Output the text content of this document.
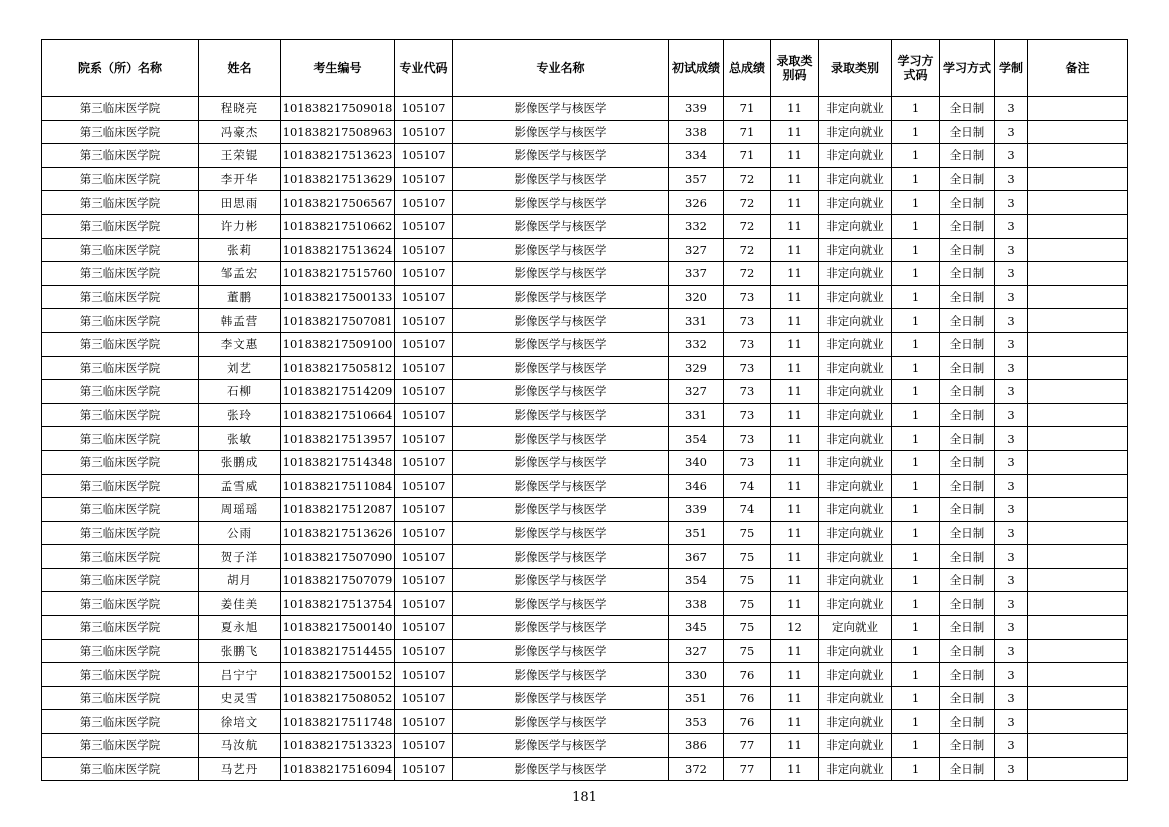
院系（所）名称	姓名	考生编号	专业代码	专业名称	初试成绩	总成绩	录取类别码	录取类别	学习方式码	学习方式	学制	备注
第三临床医学院	程晓亮	101838217509018	105107	影像医学与核医学	339	71	11	非定向就业	1	全日制	3	
第三临床医学院	冯豪杰	101838217508963	105107	影像医学与核医学	338	71	11	非定向就业	1	全日制	3	
第三临床医学院	王荣锟	101838217513623	105107	影像医学与核医学	334	71	11	非定向就业	1	全日制	3	
第三临床医学院	李开华	101838217513629	105107	影像医学与核医学	357	72	11	非定向就业	1	全日制	3	
第三临床医学院	田思雨	101838217506567	105107	影像医学与核医学	326	72	11	非定向就业	1	全日制	3	
第三临床医学院	许力彬	101838217510662	105107	影像医学与核医学	332	72	11	非定向就业	1	全日制	3	
第三临床医学院	张莉	101838217513624	105107	影像医学与核医学	327	72	11	非定向就业	1	全日制	3	
第三临床医学院	邹孟宏	101838217515760	105107	影像医学与核医学	337	72	11	非定向就业	1	全日制	3	
第三临床医学院	董鹏	101838217500133	105107	影像医学与核医学	320	73	11	非定向就业	1	全日制	3	
第三临床医学院	韩孟营	101838217507081	105107	影像医学与核医学	331	73	11	非定向就业	1	全日制	3	
第三临床医学院	李文惠	101838217509100	105107	影像医学与核医学	332	73	11	非定向就业	1	全日制	3	
第三临床医学院	刘艺	101838217505812	105107	影像医学与核医学	329	73	11	非定向就业	1	全日制	3	
第三临床医学院	石柳	101838217514209	105107	影像医学与核医学	327	73	11	非定向就业	1	全日制	3	
第三临床医学院	张玲	101838217510664	105107	影像医学与核医学	331	73	11	非定向就业	1	全日制	3	
第三临床医学院	张敏	101838217513957	105107	影像医学与核医学	354	73	11	非定向就业	1	全日制	3	
第三临床医学院	张鹏成	101838217514348	105107	影像医学与核医学	340	73	11	非定向就业	1	全日制	3	
第三临床医学院	孟雪威	101838217511084	105107	影像医学与核医学	346	74	11	非定向就业	1	全日制	3	
第三临床医学院	周瑶瑶	101838217512087	105107	影像医学与核医学	339	74	11	非定向就业	1	全日制	3	
第三临床医学院	公雨	101838217513626	105107	影像医学与核医学	351	75	11	非定向就业	1	全日制	3	
第三临床医学院	贺子洋	101838217507090	105107	影像医学与核医学	367	75	11	非定向就业	1	全日制	3	
第三临床医学院	胡月	101838217507079	105107	影像医学与核医学	354	75	11	非定向就业	1	全日制	3	
第三临床医学院	姜佳美	101838217513754	105107	影像医学与核医学	338	75	11	非定向就业	1	全日制	3	
第三临床医学院	夏永旭	101838217500140	105107	影像医学与核医学	345	75	12	定向就业	1	全日制	3	
第三临床医学院	张鹏飞	101838217514455	105107	影像医学与核医学	327	75	11	非定向就业	1	全日制	3	
第三临床医学院	吕宁宁	101838217500152	105107	影像医学与核医学	330	76	11	非定向就业	1	全日制	3	
第三临床医学院	史灵雪	101838217508052	105107	影像医学与核医学	351	76	11	非定向就业	1	全日制	3	
第三临床医学院	徐培文	101838217511748	105107	影像医学与核医学	353	76	11	非定向就业	1	全日制	3	
第三临床医学院	马汝航	101838217513323	105107	影像医学与核医学	386	77	11	非定向就业	1	全日制	3	
第三临床医学院	马艺丹	101838217516094	105107	影像医学与核医学	372	77	11	非定向就业	1	全日制	3	
181
